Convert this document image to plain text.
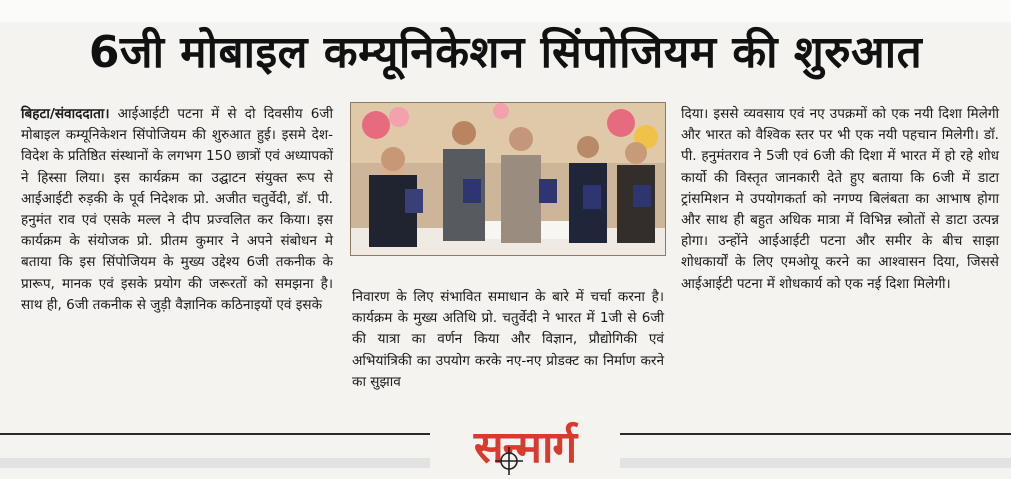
6जी मोबाइल कम्यूनिकेशन सिंपोजियम की शुरुआत
बिहटा/संवाददाता। आईआईटी पटना में से दो दिवसीय 6जी मोबाइल कम्यूनिकेशन सिंपोजियम की शुरुआत हुई। इसमे देश-विदेश के प्रतिष्ठित संस्थानों के लगभग 150 छात्रों एवं अध्यापकों ने हिस्सा लिया। इस कार्यक्रम का उद्घाटन संयुक्त रूप से आईआईटी रुड़की के पूर्व निदेशक प्रो. अजीत चतुर्वेदी, डॉ. पी. हनुमंत राव एवं एसके मल्ल ने दीप प्रज्वलित कर किया। इस कार्यक्रम के संयोजक प्रो. प्रीतम कुमार ने अपने संबोधन मे बताया कि इस सिंपोजियम के मुख्य उद्देश्य 6जी तकनीक के प्रारूप, मानक एवं इसके प्रयोग की जरूरतों को समझना है। साथ ही, 6जी तकनीक से जुड़ी वैज्ञानिक कठिनाइयों एवं इसके	निवारण के लिए संभावित समाधान के बारे में चर्चा करना है। कार्यक्रम के मुख्य अतिथि प्रो. चतुर्वेदी ने भारत में 1जी से 6जी की यात्रा का वर्णन किया और विज्ञान, प्रौद्योगिकी एवं अभियांत्रिकी का उपयोग करके नए-नए प्रोडक्ट का निर्माण करने का सुझाव
दिया। इससे व्यवसाय एवं नए उपक्रमों को एक नयी दिशा मिलेगी और भारत को वैश्विक स्तर पर भी एक नयी पहचान मिलेगी। डॉ. पी. हनुमंतराव ने 5जी एवं 6जी की दिशा में भारत में हो रहे शोध कार्यो की विस्तृत जानकारी देते हुए बताया कि 6जी में डाटा ट्रांसमिशन मे उपयोगकर्ता को नगण्य बिलंबता का आभाष होगा और साथ ही बहुत अधिक मात्रा में विभिन्न स्त्रोतों से डाटा उत्पन्न होगा। उन्होंने आईआईटी पटना और समीर के बीच साझा शोधकार्यों के लिए एमओयू करने का आश्वासन दिया, जिससे आईआईटी पटना में शोधकार्य को एक नई दिशा मिलेगी।
सन्मार्ग
